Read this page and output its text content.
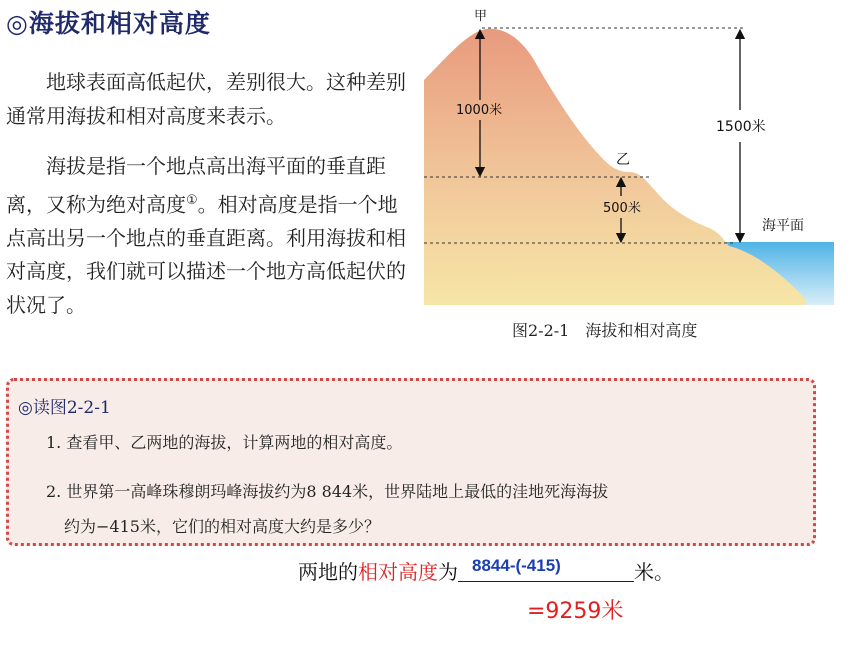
◎海拔和相对高度
地球表面高低起伏，差别很大。这种差别通常用海拔和相对高度来表示。
海拔是指一个地点高出海平面的垂直距离，又称为绝对高度①。相对高度是指一个地点高出另一个地点的垂直距离。利用海拔和相对高度，我们就可以描述一个地方高低起伏的状况了。
甲
乙
1000米
500米
1500米
海平面
图2-2-1　海拔和相对高度
◎读图2-2-1
1. 查看甲、乙两地的海拔，计算两地的相对高度。
2. 世界第一高峰珠穆朗玛峰海拔约为8 844米，世界陆地上最低的洼地死海海拔
约为−415米，它们的相对高度大约是多少？
两地的相对高度为 8844-(-415)	米。
=9259米
